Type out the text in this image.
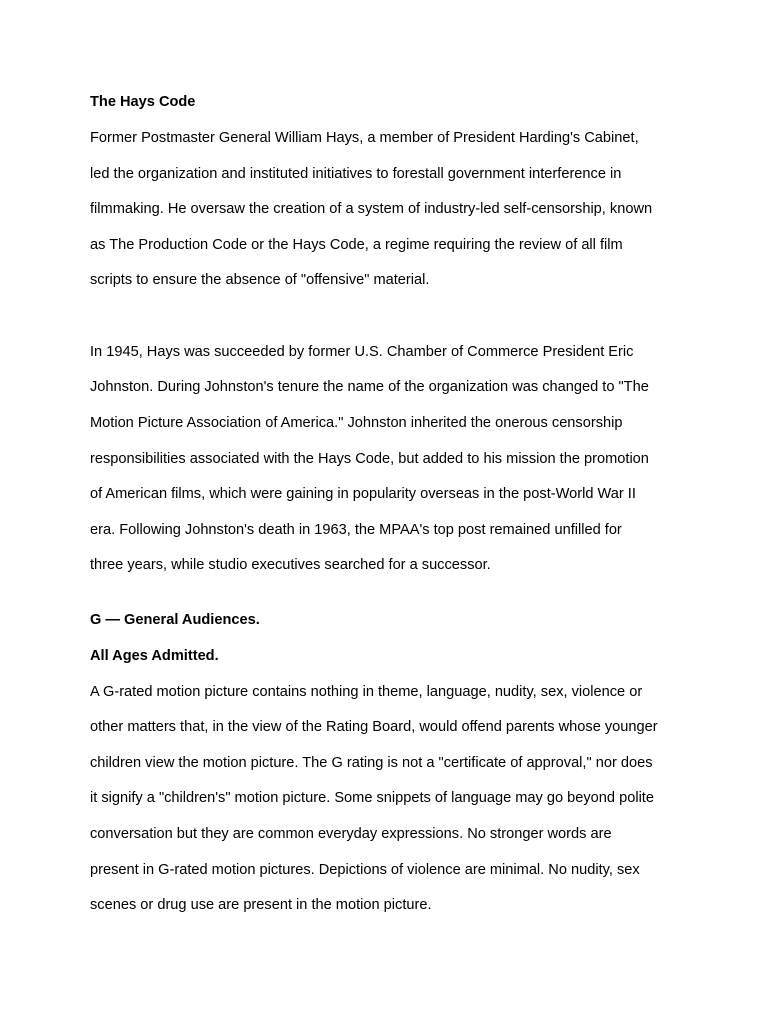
The Hays Code

Former Postmaster General William Hays, a member of President Harding's Cabinet,

led the organization and instituted initiatives to forestall government interference in

filmmaking. He oversaw the creation of a system of industry-led self-censorship, known

as The Production Code or the Hays Code, a regime requiring the review of all film

scripts to ensure the absence of "offensive" material.

In 1945, Hays was succeeded by former U.S. Chamber of Commerce President Eric

Johnston. During Johnston's tenure the name of the organization was changed to "The

Motion Picture Association of America." Johnston inherited the onerous censorship

responsibilities associated with the Hays Code, but added to his mission the promotion

of American films, which were gaining in popularity overseas in the post-World War II

era. Following Johnston's death in 1963, the MPAA's top post remained unfilled for

three years, while studio executives searched for a successor.

G — General Audiences.

All Ages Admitted.

A G-rated motion picture contains nothing in theme, language, nudity, sex, violence or

other matters that, in the view of the Rating Board, would offend parents whose younger

children view the motion picture. The G rating is not a "certificate of approval," nor does

it signify a "children's" motion picture. Some snippets of language may go beyond polite

conversation but they are common everyday expressions. No stronger words are

present in G-rated motion pictures. Depictions of violence are minimal. No nudity, sex

scenes or drug use are present in the motion picture.
